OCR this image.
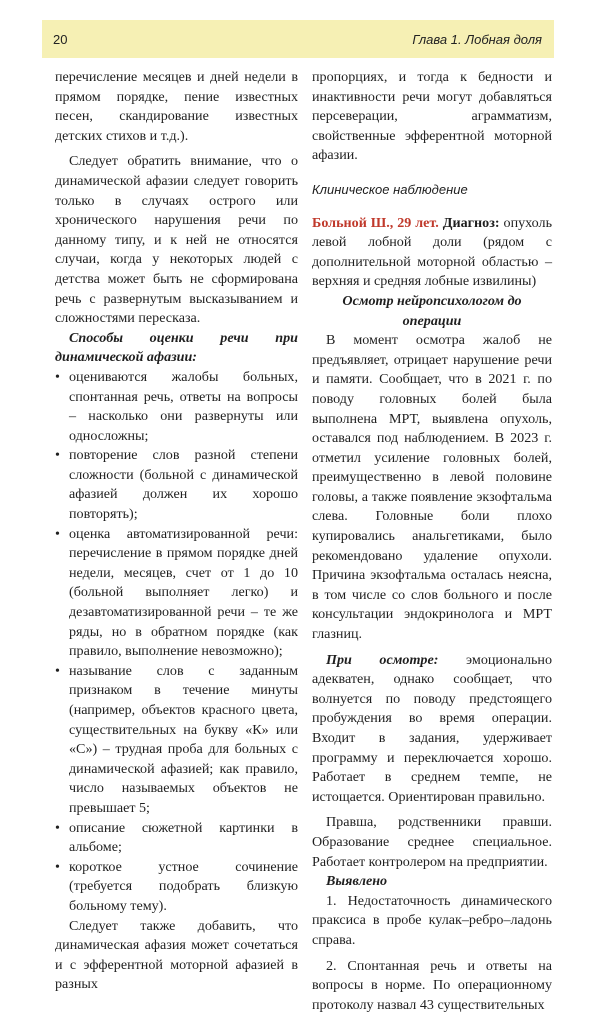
20	Глава 1. Лобная доля

перечисление месяцев и дней недели в прямом порядке, пение известных песен, скандирование известных детских стихов и т.д.).

Следует обратить внимание, что о динамической афазии следует говорить только в случаях острого или хронического нарушения речи по данному типу, и к ней не относятся случаи, когда у некоторых людей с детства может быть не сформирована речь с развернутым высказыванием и сложностями пересказа.

Способы оценки речи при динамической афазии:

• оцениваются жалобы больных, спонтанная речь, ответы на вопросы – насколько они развернуты или односложны;
• повторение слов разной степени сложности (больной с динамической афазией должен их хорошо повторять);
• оценка автоматизированной речи: перечисление в прямом порядке дней недели, месяцев, счет от 1 до 10 (больной выполняет легко) и дезавтоматизированной речи – те же ряды, но в обратном порядке (как правило, выполнение невозможно);
• называние слов с заданным признаком в течение минуты (например, объектов красного цвета, существительных на букву «К» или «С») – трудная проба для больных с динамической афазией; как правило, число называемых объектов не превышает 5;
• описание сюжетной картинки в альбоме;
• короткое устное сочинение (требуется подобрать близкую больному тему).

Следует также добавить, что динамическая афазия может сочетаться и с эфферентной моторной афазией в разных

пропорциях, и тогда к бедности и инактивности речи могут добавляться персеверации, аграмматизм, свойственные эфферентной моторной афазии.

Клиническое наблюдение

Больной Ш., 29 лет. Диагноз: опухоль левой лобной доли (рядом с дополнительной моторной областью – верхняя и средняя лобные извилины)

Осмотр нейропсихологом до операции

В момент осмотра жалоб не предъявляет, отрицает нарушение речи и памяти. Сообщает, что в 2021 г. по поводу головных болей была выполнена МРТ, выявлена опухоль, оставался под наблюдением. В 2023 г. отметил усиление головных болей, преимущественно в левой половине головы, а также появление экзофтальма слева. Головные боли плохо купировались анальгетиками, было рекомендовано удаление опухоли. Причина экзофтальма осталась неясна, в том числе со слов больного и после консультации эндокринолога и МРТ глазниц.

При осмотре: эмоционально адекватен, однако сообщает, что волнуется по поводу предстоящего пробуждения во время операции. Входит в задания, удерживает программу и переключается хорошо. Работает в среднем темпе, не истощается. Ориентирован правильно.

Правша, родственники правши. Образование среднее специальное. Работает контролером на предприятии.

Выявлено

1. Недостаточность динамического праксиса в пробе кулак–ребро–ладонь справа.

2. Спонтанная речь и ответы на вопросы в норме. По операционному протоколу назвал 43 существительных
